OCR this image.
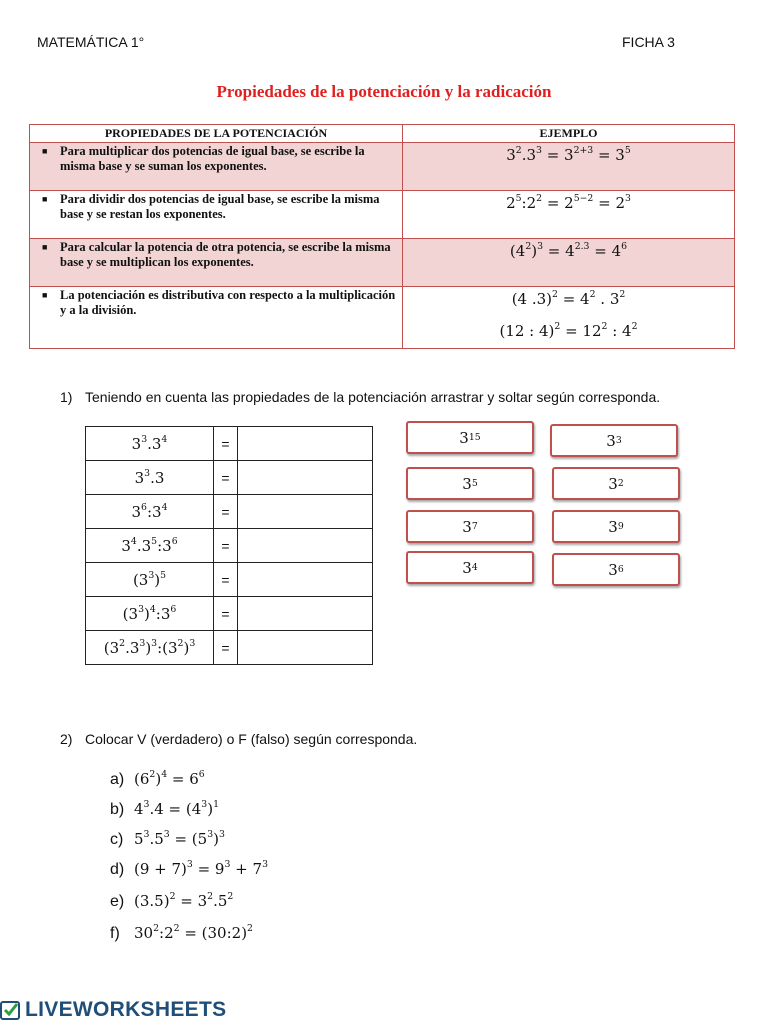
MATEMÁTICA 1°	FICHA 3
Propiedades de la potenciación y la radicación
PROPIEDADES DE LA POTENCIACIÓN	EJEMPLO

■ Para multiplicar dos potencias de igual base, se escribe la misma base y se suman los exponentes.	$3^2.3^3 = 3^{2+3} = 3^5$

■ Para dividir dos potencias de igual base, se escribe la misma base y se restan los exponentes.	$2^5:2^2 = 2^{5-2} = 2^3$

■ Para calcular la potencia de otra potencia, se escribe la misma base y se multiplican los exponentes.	$(4^2)^3 = 4^{2.3} = 4^6$

■ La potenciación es distributiva con respecto a la multiplicación y a la división.	(4 $.3)^2 = 4^2$ . $3^2$
(12 : $4)^2 = 12^2$ : $4^2$
1) Teniendo en cuenta las propiedades de la potenciación arrastrar y soltar según corresponda.
$3^3.3^4$	=	
$3^3.3$	=	
$3^6:3^4$	=	
$3^4.3^5:3^6$	=	
$(3^3)^5$	=	
$(3^3)^4:3^6$	=	
$(3^2.3^3)^3:(3^2)^3$	=	
3 15	3 3
3 5	3 2
3 7	3 9
3 4	3 6
2) Colocar V (verdadero) o F (falso) según corresponda.
a) $(6^2)^4 = 6^6$
b) $4^3.4 = (4^3)^1$
c) $5^3.5^3 = (5^3)^3$
d) $(9 + 7)^3 = 9^3 + 7^3$
e) $(3.5)^2 = 3^2.5^2$
f) $30^2:2^2$ = (30:2)$^2$
LIVEWORKSHEETS
